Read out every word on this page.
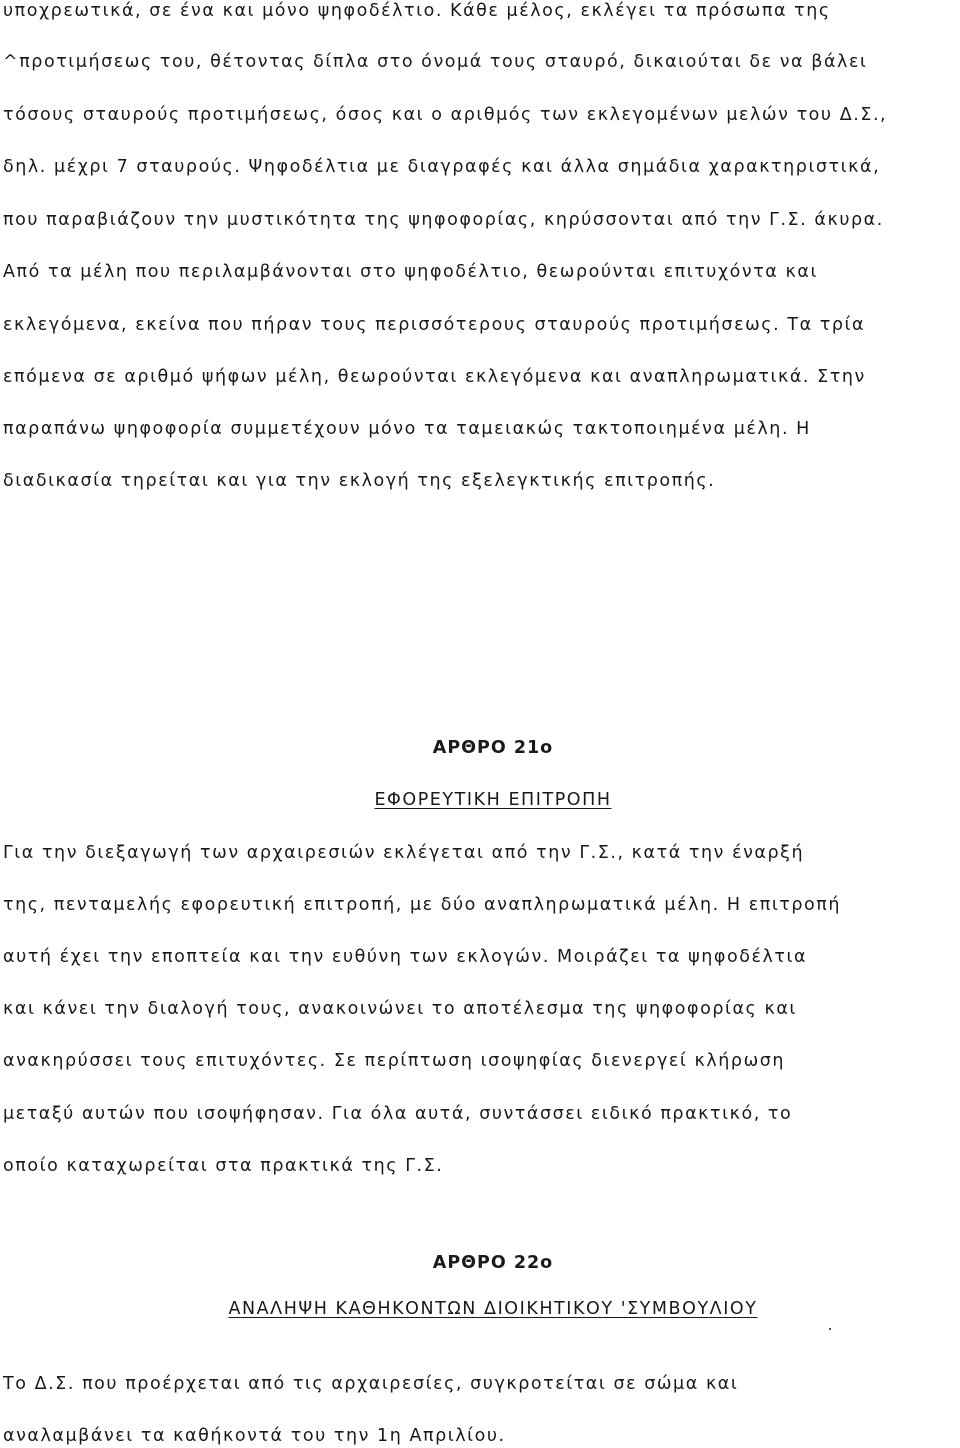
υποχρεωτικά, σε ένα και μόνο ψηφοδέλτιο. Κάθε μέλος, εκλέγει τα πρόσωπα της
^προτιμήσεως του, θέτοντας δίπλα στο όνομά τους σταυρό, δικαιούται δε να βάλει
τόσους σταυρούς προτιμήσεως, όσος και ο αριθμός των εκλεγομένων μελών του Δ.Σ.,
δηλ. μέχρι 7 σταυρούς. Ψηφοδέλτια με διαγραφές και άλλα σημάδια χαρακτηριστικά,
που παραβιάζουν την μυστικότητα της ψηφοφορίας, κηρύσσονται από την Γ.Σ. άκυρα.
Από τα μέλη που περιλαμβάνονται στο ψηφοδέλτιο, θεωρούνται επιτυχόντα και
εκλεγόμενα, εκείνα που πήραν τους περισσότερους σταυρούς προτιμήσεως. Τα τρία
επόμενα σε αριθμό ψήφων μέλη, θεωρούνται εκλεγόμενα και αναπληρωματικά. Στην
παραπάνω ψηφοφορία συμμετέχουν μόνο τα ταμειακώς τακτοποιημένα μέλη. Η
διαδικασία τηρείται και για την εκλογή της εξελεγκτικής επιτροπής.
ΑΡΘΡΟ 21ο
ΕΦΟΡΕΥΤΙΚΗ ΕΠΙΤΡΟΠΗ
Για την διεξαγωγή των αρχαιρεσιών εκλέγεται από την Γ.Σ., κατά την έναρξή
της, πενταμελής εφορευτική επιτροπή, με δύο αναπληρωματικά μέλη. Η επιτροπή
αυτή έχει την εποπτεία και την ευθύνη των εκλογών. Μοιράζει τα ψηφοδέλτια
και κάνει την διαλογή τους, ανακοινώνει το αποτέλεσμα της ψηφοφορίας και
ανακηρύσσει τους επιτυχόντες. Σε περίπτωση ισοψηφίας διενεργεί κλήρωση
μεταξύ αυτών που ισοψήφησαν. Για όλα αυτά, συντάσσει ειδικό πρακτικό, το
οποίο καταχωρείται στα πρακτικά της Γ.Σ.
ΑΡΘΡΟ 22ο
ΑΝΑΛΗΨΗ ΚΑΘΗΚΟΝΤΩΝ ΔΙΟΙΚΗΤΙΚΟΥ 'ΣΥΜΒΟΥΛΙΟΥ
Το Δ.Σ. που προέρχεται από τις αρχαιρεσίες, συγκροτείται σε σώμα και
αναλαμβάνει τα καθήκοντά του την 1η Απριλίου.
